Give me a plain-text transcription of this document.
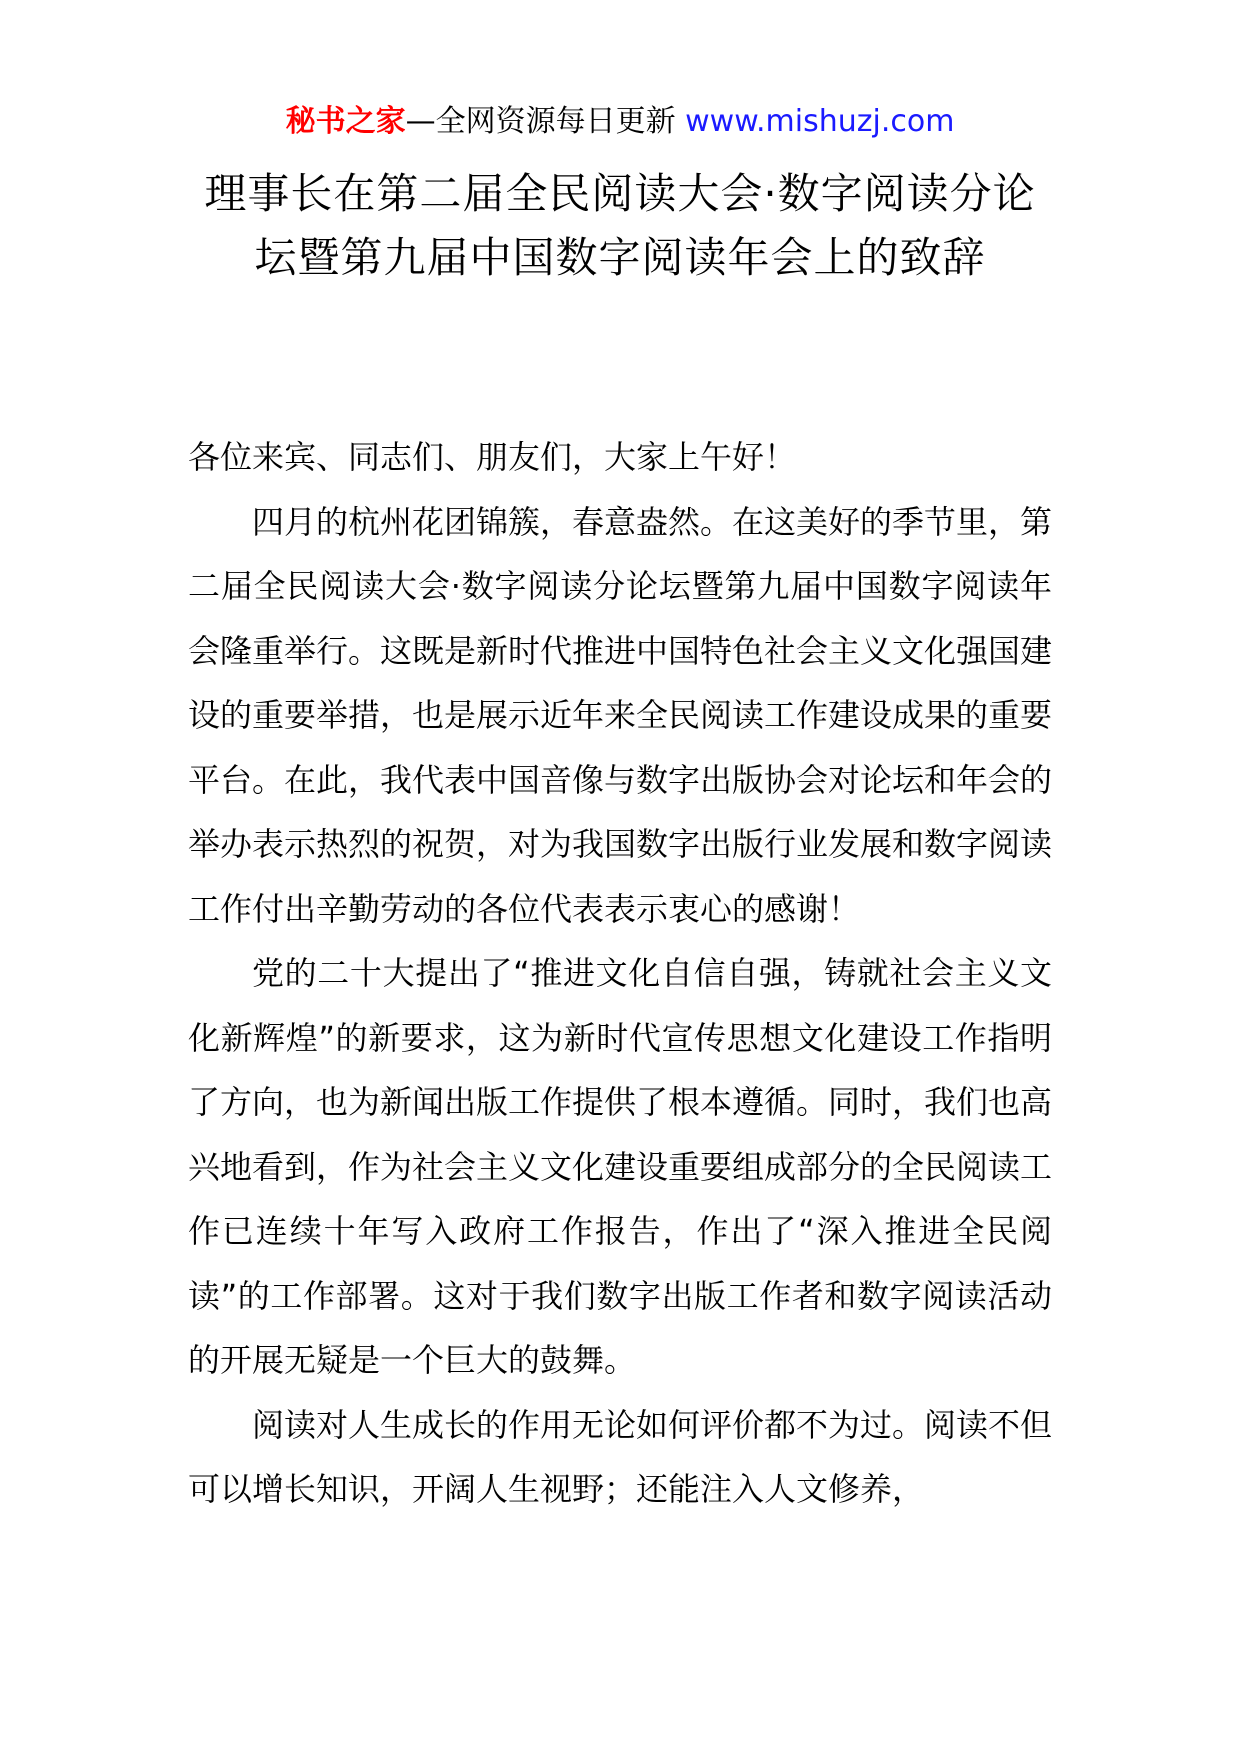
秘书之家—全网资源每日更新 www.mishuzj.com
理事长在第二届全民阅读大会·数字阅读分论坛暨第九届中国数字阅读年会上的致辞

各位来宾、同志们、朋友们，大家上午好！

四月的杭州花团锦簇，春意盎然。在这美好的季节里，第二届全民阅读大会·数字阅读分论坛暨第九届中国数字阅读年会隆重举行。这既是新时代推进中国特色社会主义文化强国建设的重要举措，也是展示近年来全民阅读工作建设成果的重要平台。在此，我代表中国音像与数字出版协会对论坛和年会的举办表示热烈的祝贺，对为我国数字出版行业发展和数字阅读工作付出辛勤劳动的各位代表表示衷心的感谢！

党的二十大提出了“推进文化自信自强，铸就社会主义文化新辉煌”的新要求，这为新时代宣传思想文化建设工作指明了方向，也为新闻出版工作提供了根本遵循。同时，我们也高兴地看到，作为社会主义文化建设重要组成部分的全民阅读工作已连续十年写入政府工作报告，作出了“深入推进全民阅读”的工作部署。这对于我们数字出版工作者和数字阅读活动的开展无疑是一个巨大的鼓舞。

阅读对人生成长的作用无论如何评价都不为过。阅读不但可以增长知识，开阔人生视野；还能注入人文修养，
